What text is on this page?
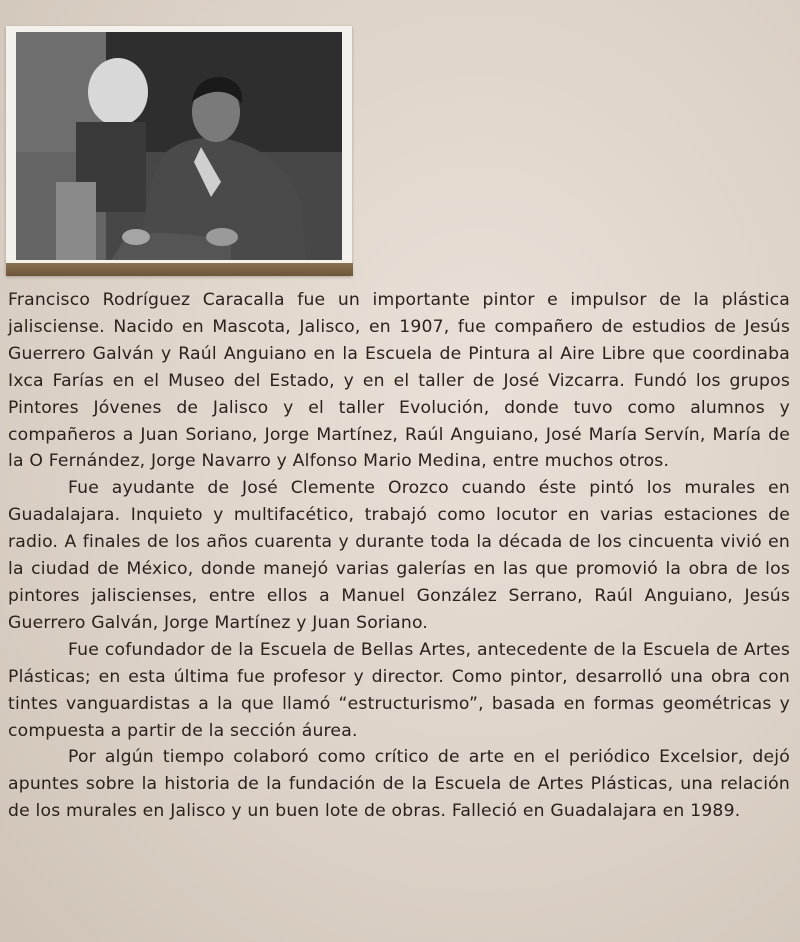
Francisco Rodríguez Caracalla fue un importante pintor e impulsor de la plástica jalisciense. Nacido en Mascota, Jalisco, en 1907, fue compañero de estudios de Jesús Guerrero Galván y Raúl Anguiano en la Escuela de Pintura al Aire Libre que coordinaba Ixca Farías en el Museo del Estado, y en el taller de José Vizcarra. Fundó los grupos Pintores Jóvenes de Jalisco y el taller Evolución, donde tuvo como alumnos y compañeros a Juan Soriano, Jorge Martínez, Raúl Anguiano, José María Servín, María de la O Fernández, Jorge Navarro y Alfonso Mario Medina, entre muchos otros.

Fue ayudante de José Clemente Orozco cuando éste pintó los murales en Guadalajara. Inquieto y multifacético, trabajó como locutor en varias estaciones de radio. A finales de los años cuarenta y durante toda la década de los cincuenta vivió en la ciudad de México, donde manejó varias galerías en las que promovió la obra de los pintores jaliscienses, entre ellos a Manuel González Serrano, Raúl Anguiano, Jesús Guerrero Galván, Jorge Martínez y Juan Soriano.

Fue cofundador de la Escuela de Bellas Artes, antecedente de la Escuela de Artes Plásticas; en esta última fue profesor y director. Como pintor, desarrolló una obra con tintes vanguardistas a la que llamó “estructurismo”, basada en formas geométricas y compuesta a partir de la sección áurea.

Por algún tiempo colaboró como crítico de arte en el periódico Excelsior, dejó apuntes sobre la historia de la fundación de la Escuela de Artes Plásticas, una relación de los murales en Jalisco y un buen lote de obras. Falleció en Guadalajara en 1989.
